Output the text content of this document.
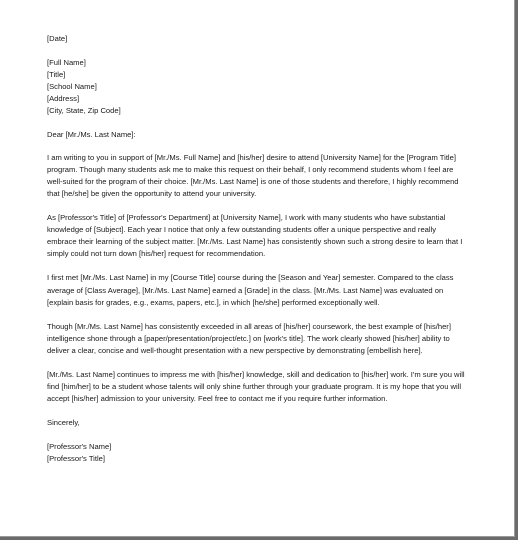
[Date]
[Full Name]
[Title]
[School Name]
[Address]
[City, State, Zip Code]
Dear [Mr./Ms. Last Name]:
I am writing to you in support of [Mr./Ms. Full Name] and [his/her] desire to attend [University Name] for the [Program Title]
program. Though many students ask me to make this request on their behalf, I only recommend students whom I feel are
well-suited for the program of their choice. [Mr./Ms. Last Name] is one of those students and therefore, I highly recommend
that [he/she] be given the opportunity to attend your university.
As [Professor's Title] of [Professor's Department] at [University Name], I work with many students who have substantial
knowledge of [Subject]. Each year I notice that only a few outstanding students offer a unique perspective and really
embrace their learning of the subject matter. [Mr./Ms. Last Name] has consistently shown such a strong desire to learn that I
simply could not turn down [his/her] request for recommendation.
I first met [Mr./Ms. Last Name] in my [Course Title] course during the [Season and Year] semester. Compared to the class
average of [Class Average], [Mr./Ms. Last Name] earned a [Grade] in the class. [Mr./Ms. Last Name] was evaluated on
[explain basis for grades, e.g., exams, papers, etc.], in which [he/she] performed exceptionally well.
Though [Mr./Ms. Last Name] has consistently exceeded in all areas of [his/her] coursework, the best example of [his/her]
intelligence shone through a [paper/presentation/project/etc.] on [work's title]. The work clearly showed [his/her] ability to
deliver a clear, concise and well-thought presentation with a new perspective by demonstrating [embellish here].
[Mr./Ms. Last Name] continues to impress me with [his/her] knowledge, skill and dedication to [his/her] work. I'm sure you will
find [him/her] to be a student whose talents will only shine further through your graduate program. It is my hope that you will
accept [his/her] admission to your university. Feel free to contact me if you require further information.
Sincerely,
[Professor's Name]
[Professor's Title]
